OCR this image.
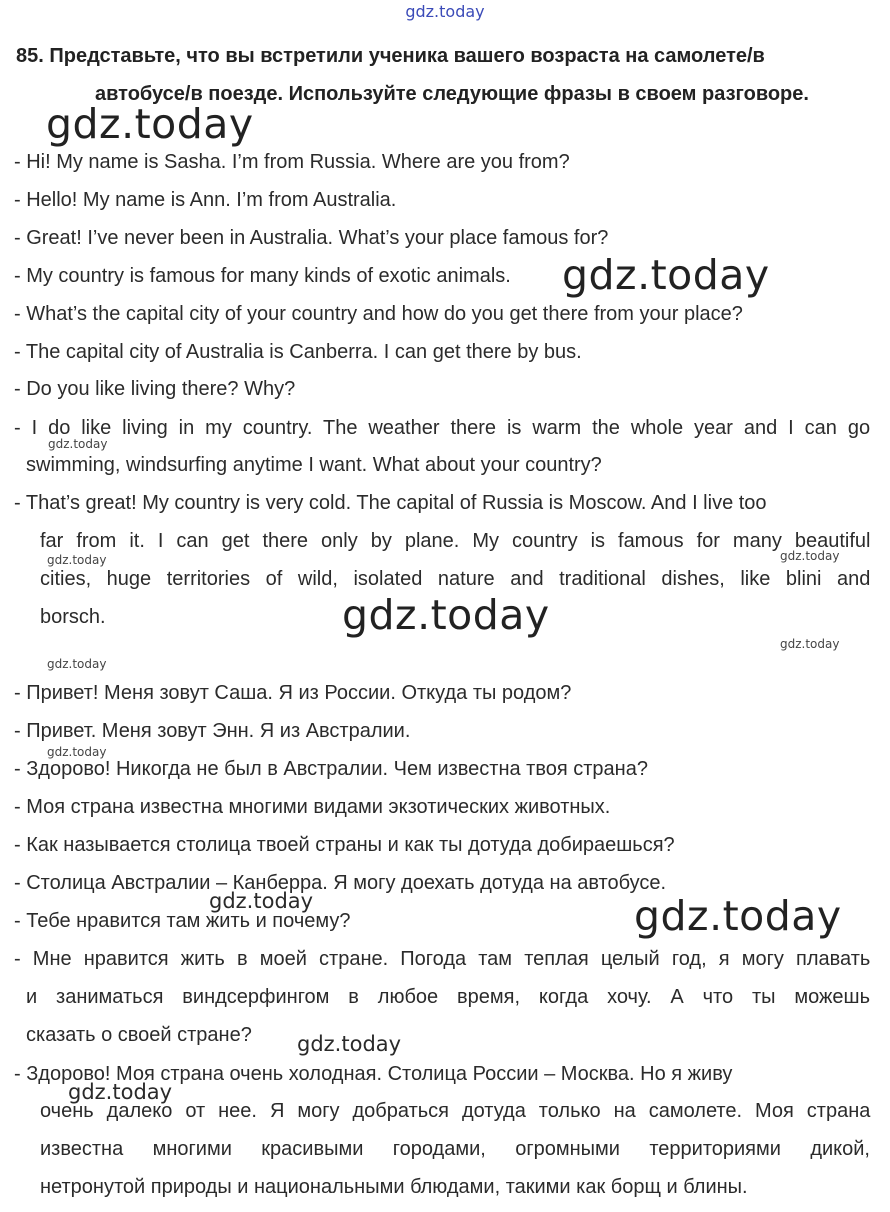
gdz.today
gdz.today
gdz.today
gdz.today
gdz.today
gdz.today
gdz.today
gdz.today
gdz.today
gdz.today	gdz.today
gdz.today
gdz.today
gdz.today
85. Представьте, что вы встретили ученика вашего возраста на самолете/в
автобусе/в поезде. Используйте следующие фразы в своем разговоре.
- Hi! My name is Sasha. I’m from Russia. Where are you from?
- Hello! My name is Ann. I’m from Australia.
- Great! I’ve never been in Australia. What’s your place famous for?
- My country is famous for many kinds of exotic animals.
- What’s the capital city of your country and how do you get there from your place?
- The capital city of Australia is Canberra. I can get there by bus.
- Do you like living there? Why?
- I do like living in my country. The weather there is warm the whole year and I can go
swimming, windsurfing anytime I want. What about your country?
- That’s great! My country is very cold. The capital of Russia is Moscow. And I live too
far from it. I can get there only by plane. My country is famous for many beautiful
cities, huge territories of wild, isolated nature and traditional dishes, like blini and
borsch.
- Привет! Меня зовут Саша. Я из России. Откуда ты родом?
- Привет. Меня зовут Энн. Я из Австралии.
- Здорово! Никогда не был в Австралии. Чем известна твоя страна?
- Моя страна известна многими видами экзотических животных.
- Как называется столица твоей страны и как ты дотуда добираешься?
- Столица Австралии – Канберра. Я могу доехать дотуда на автобусе.
- Тебе нравится там жить и почему?
- Мне нравится жить в моей стране. Погода там теплая целый год, я могу плавать
и заниматься виндсерфингом в любое время, когда хочу. А что ты можешь
сказать о своей стране?
- Здорово! Моя страна очень холодная. Столица России – Москва. Но я живу
очень далеко от нее. Я могу добраться дотуда только на самолете. Моя страна
известна многими красивыми городами, огромными территориями дикой,
нетронутой природы и национальными блюдами, такими как борщ и блины.
